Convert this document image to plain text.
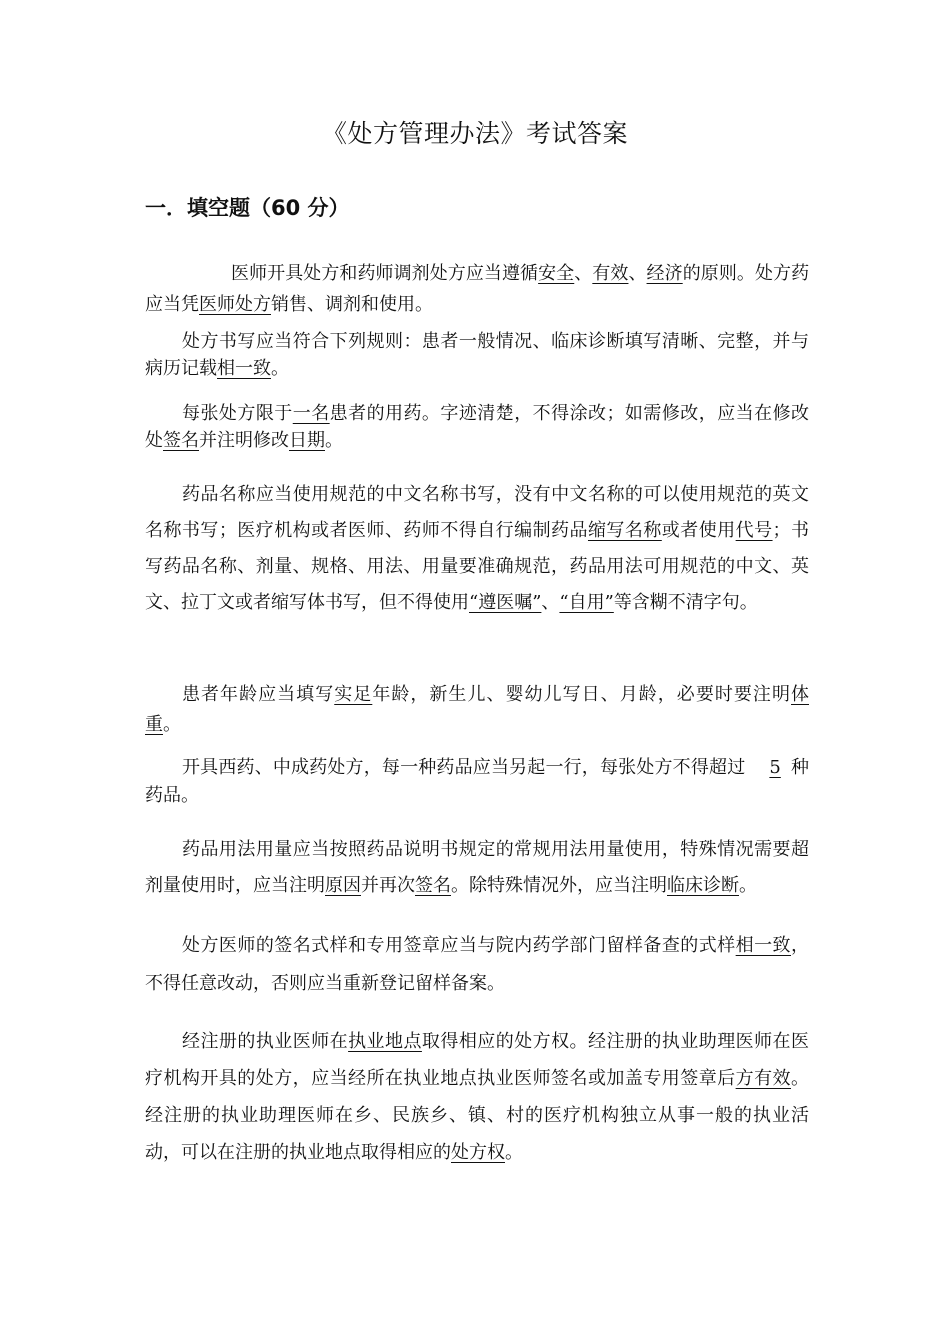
《处方管理办法》考试答案
一．填空题（60 分）

医师开具处方和药师调剂处方应当遵循安全、有效、经济的原则。处方药应当凭医师处方销售、调剂和使用。

处方书写应当符合下列规则：患者一般情况、临床诊断填写清晰、完整，并与病历记载相一致。

每张处方限于一名患者的用药。字迹清楚，不得涂改；如需修改，应当在修改处签名并注明修改日期。

药品名称应当使用规范的中文名称书写，没有中文名称的可以使用规范的英文名称书写；医疗机构或者医师、药师不得自行编制药品缩写名称或者使用代号；书写药品名称、剂量、规格、用法、用量要准确规范，药品用法可用规范的中文、英文、拉丁文或者缩写体书写，但不得使用“遵医嘱”、“自用”等含糊不清字句。

患者年龄应当填写实足年龄，新生儿、婴幼儿写日、月龄，必要时要注明体重。

开具西药、中成药处方，每一种药品应当另起一行，每张处方不得超过 5 种药品。

药品用法用量应当按照药品说明书规定的常规用法用量使用，特殊情况需要超剂量使用时，应当注明原因并再次签名。除特殊情况外，应当注明临床诊断。

处方医师的签名式样和专用签章应当与院内药学部门留样备查的式样相一致，不得任意改动，否则应当重新登记留样备案。

经注册的执业医师在执业地点取得相应的处方权。经注册的执业助理医师在医疗机构开具的处方，应当经所在执业地点执业医师签名或加盖专用签章后方有效。经注册的执业助理医师在乡、民族乡、镇、村的医疗机构独立从事一般的执业活动，可以在注册的执业地点取得相应的处方权。
